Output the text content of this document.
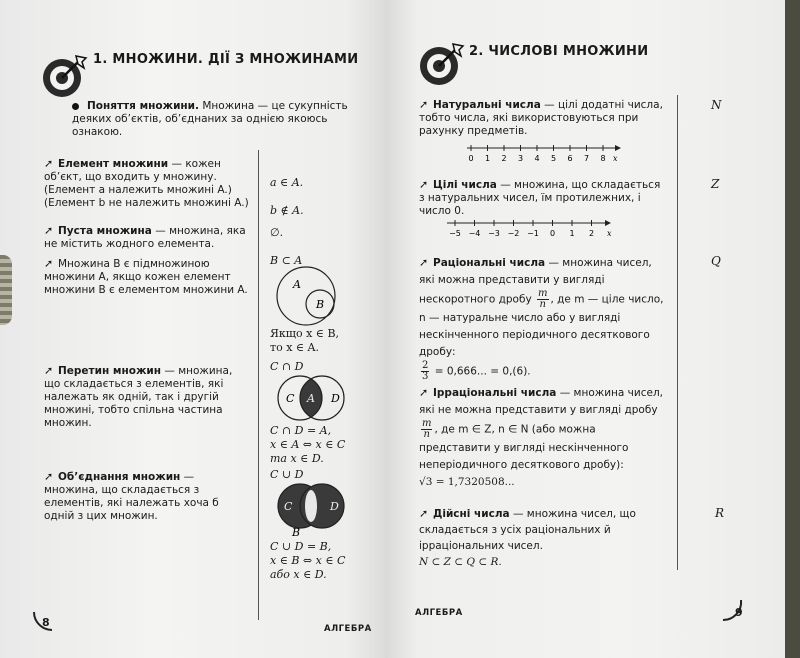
1. МНОЖИНИ. ДІЇ З МНОЖИНАМИ
Поняття множини. Множина — це сукупність деяких об’єктів, об’єднаних за однією якоюсь ознакою.
➚ Елемент множини — кожен об’єкт, що входить у множину.
(Елемент a належить множині A.)
(Елемент b не належить множині A.)
a ∈ A.
b ∉ A.
➚ Пуста множина — множина, яка не містить жодного елемента.
∅.
➚ Множина B є підмножиною множини A, якщо кожен елемент множини B є елементом множини A.
B ⊂ A
A
B
Якщо x ∈ B,
то x ∈ A.
➚ Перетин множин — множина, що складається з елементів, які належать як одній, так і другій множині, тобто спільна частина множин.
C ∩ D
C A D
C ∩ D = A,
x ∈ A ⇔ x ∈ C
та x ∈ D.
➚ Об’єднання множин — множина, що складається з елементів, які належать хоча б одній з цих множин.
C ∪ D
C	D
B
C ∪ D = B,
x ∈ B ⇔ x ∈ C
або x ∈ D.
8	АЛГЕБРА
2. ЧИСЛОВІ МНОЖИНИ
➚ Натуральні числа — цілі додатні числа, тобто числа, які використовуються при рахунку предметів.
N
0 1 2 3 4 5 6 7 8 x
➚ Цілі числа — множина, що складається з натуральних чисел, їм протилежних, і число 0.
Z
−5 −4 −3 −2 −1 0 1 2 x
➚ Раціональні числа — множина чисел, які можна представити у вигляді нескоротного дробу $\frac{m}{n}$ , де m — ціле число, n — натуральне число або у вигляді нескінченного періодичного десяткового дробу:

$\frac{2}{3} = 0,666$... = 0,(6).
Q
➚ Ірраціональні числа — множина чисел, які не можна представити у вигляді дробу
$\frac{m}{n}$ , де m ∈ Z, n ∈ N (або можна представити у вигляді нескінченного неперіодичного десяткового дробу):
√3 = 1,7320508...
➚ Дійсні числа — множина чисел, що складається з усіх раціональних й ірраціональних чисел.
N ⊂ Z ⊂ Q ⊂ R.
R
АЛГЕБРА	9
